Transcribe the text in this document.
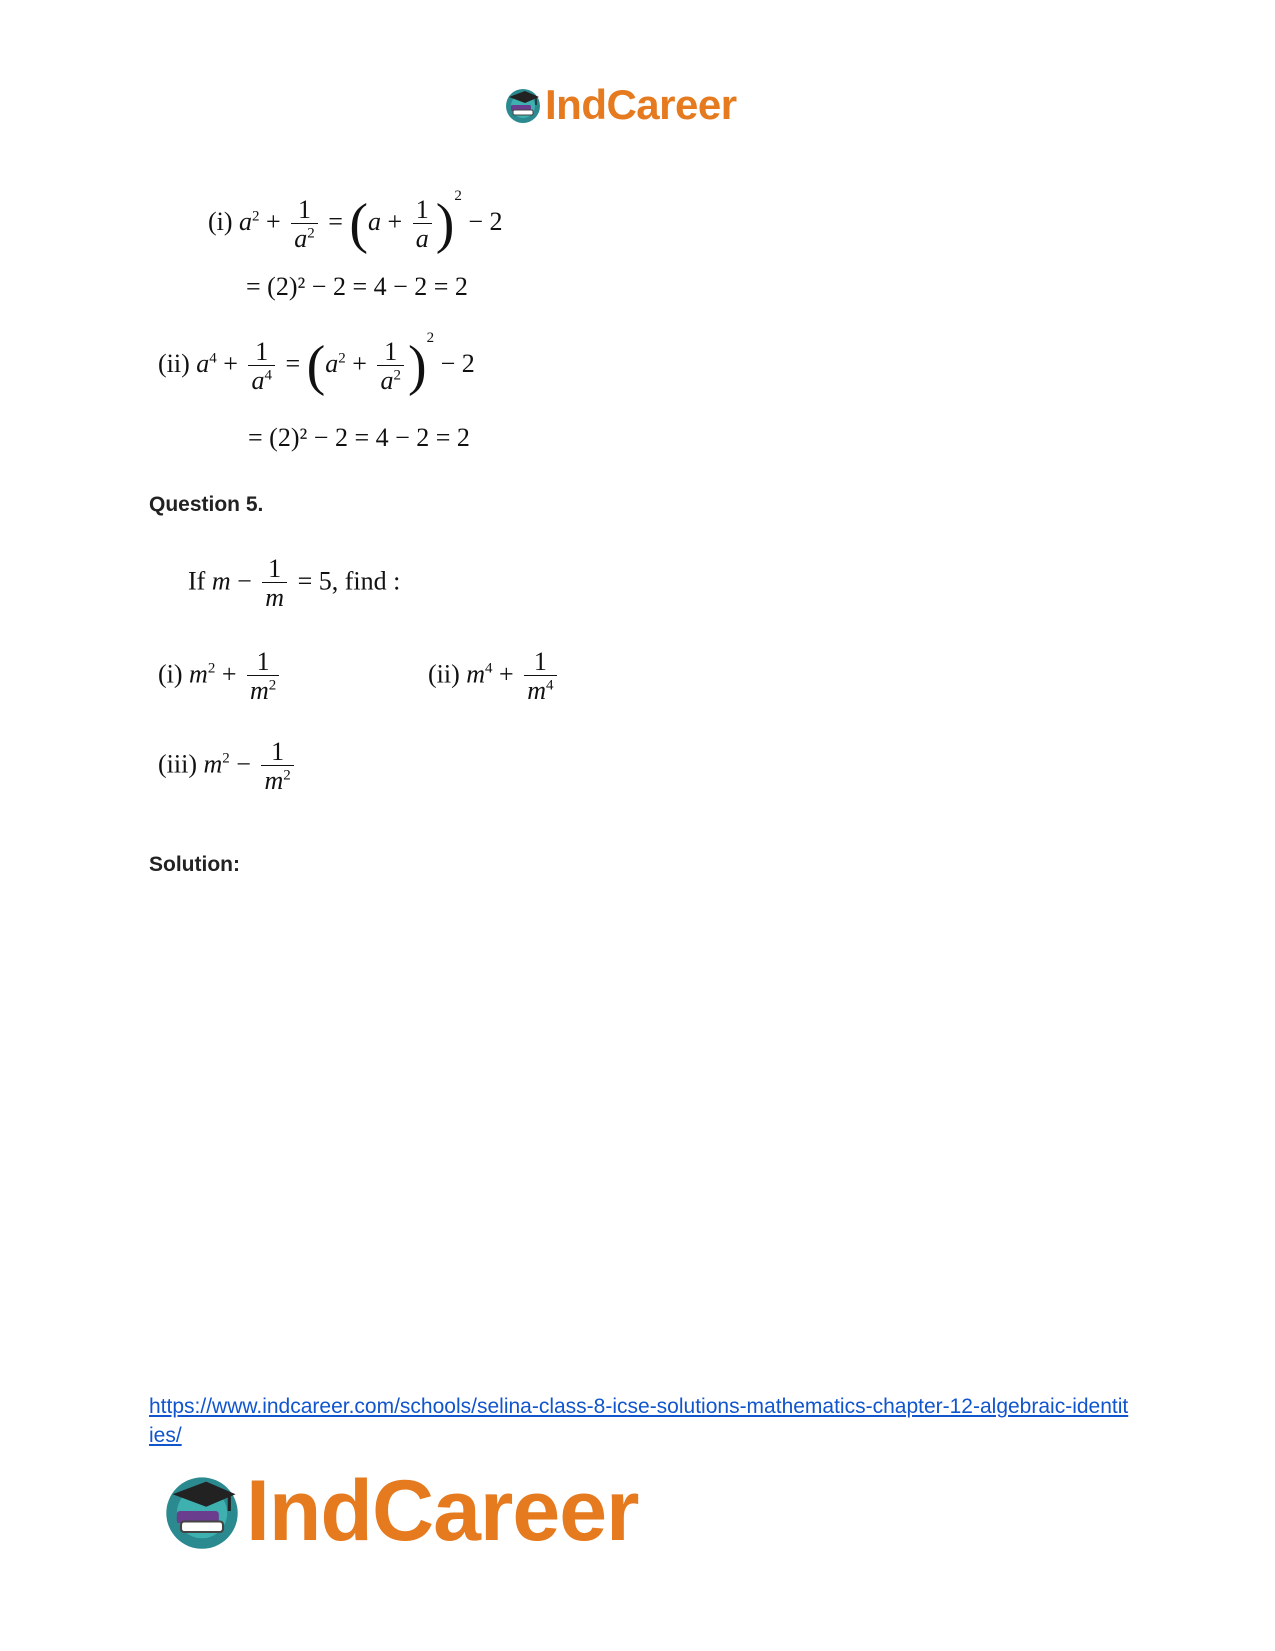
IndCareer
(i) $a^2 + \frac{1}{a^2} = (a + \frac{1}{a} )^2 - 2$
= (2)² − 2 = 4 − 2 = 2
(ii) $a^4 + \frac{1}{a^4} = (a^2 + \frac{1}{a^2} )^2 - 2$
= (2)² − 2 = 4 − 2 = 2
Question 5.
If $m - \frac{1}{m} = 5$, find :
(i) $m^2 + \frac{1}{m^2}$	(ii) $m^4 + \frac{1}{m^4}$
(iii) $m^2 - \frac{1}{m^2}$
Solution:
https://www.indcareer.com/schools/selina-class-8-icse-solutions-mathematics-chapter-12-algebraic-identities/
IndCareer
